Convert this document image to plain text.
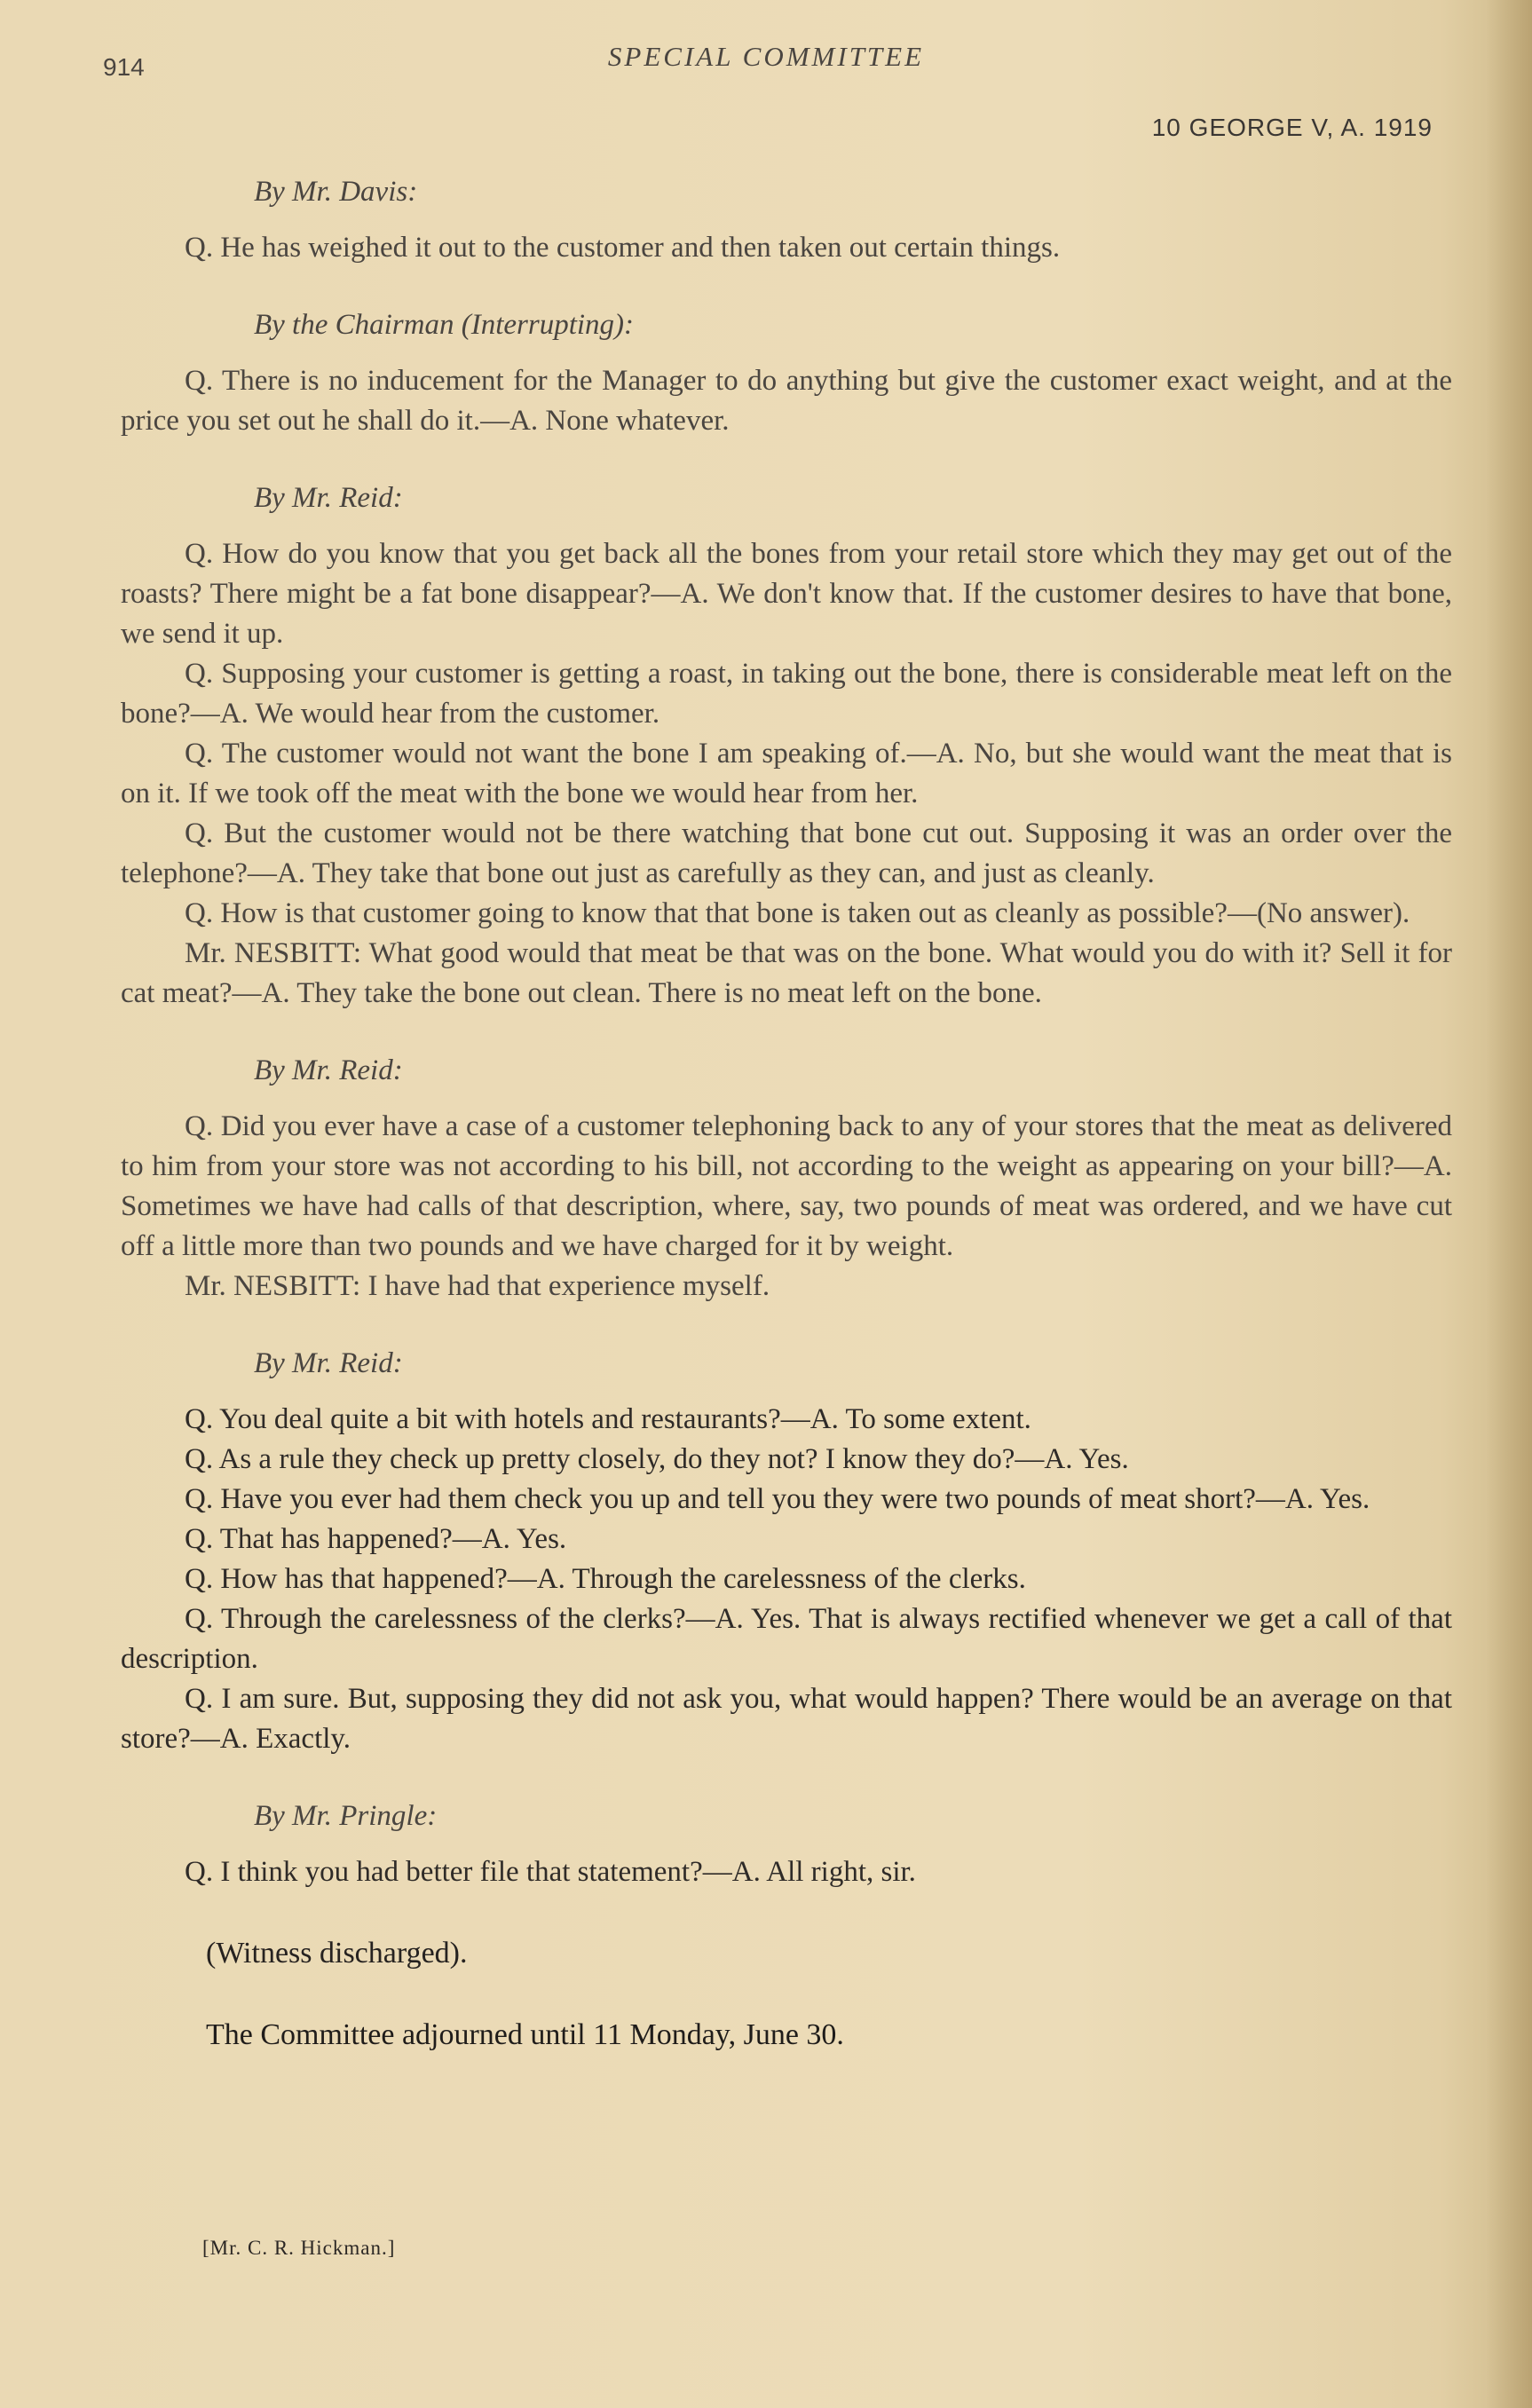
914	SPECIAL COMMITTEE
10 GEORGE V, A. 1919
By Mr. Davis:

Q. He has weighed it out to the customer and then taken out certain things.

By the Chairman (Interrupting):

Q. There is no inducement for the Manager to do anything but give the customer exact weight, and at the price you set out he shall do it.—A. None whatever.

By Mr. Reid:

Q. How do you know that you get back all the bones from your retail store which they may get out of the roasts? There might be a fat bone disappear?—A. We don't know that. If the customer desires to have that bone, we send it up.

Q. Supposing your customer is getting a roast, in taking out the bone, there is considerable meat left on the bone?—A. We would hear from the customer.

Q. The customer would not want the bone I am speaking of.—A. No, but she would want the meat that is on it. If we took off the meat with the bone we would hear from her.

Q. But the customer would not be there watching that bone cut out. Supposing it was an order over the telephone?—A. They take that bone out just as carefully as they can, and just as cleanly.

Q. How is that customer going to know that that bone is taken out as cleanly as possible?—(No answer).

Mr. NESBITT: What good would that meat be that was on the bone. What would you do with it? Sell it for cat meat?—A. They take the bone out clean. There is no meat left on the bone.

By Mr. Reid:

Q. Did you ever have a case of a customer telephoning back to any of your stores that the meat as delivered to him from your store was not according to his bill, not according to the weight as appearing on your bill?—A. Sometimes we have had calls of that description, where, say, two pounds of meat was ordered, and we have cut off a little more than two pounds and we have charged for it by weight.

Mr. NESBITT: I have had that experience myself.

By Mr. Reid:

Q. You deal quite a bit with hotels and restaurants?—A. To some extent.

Q. As a rule they check up pretty closely, do they not? I know they do?—A. Yes.

Q. Have you ever had them check you up and tell you they were two pounds of meat short?—A. Yes.

Q. That has happened?—A. Yes.

Q. How has that happened?—A. Through the carelessness of the clerks.

Q. Through the carelessness of the clerks?—A. Yes. That is always rectified whenever we get a call of that description.

Q. I am sure. But, supposing they did not ask you, what would happen? There would be an average on that store?—A. Exactly.

By Mr. Pringle:

Q. I think you had better file that statement?—A. All right, sir.

(Witness discharged).

The Committee adjourned until 11 Monday, June 30.

[Mr. C. R. Hickman.]
